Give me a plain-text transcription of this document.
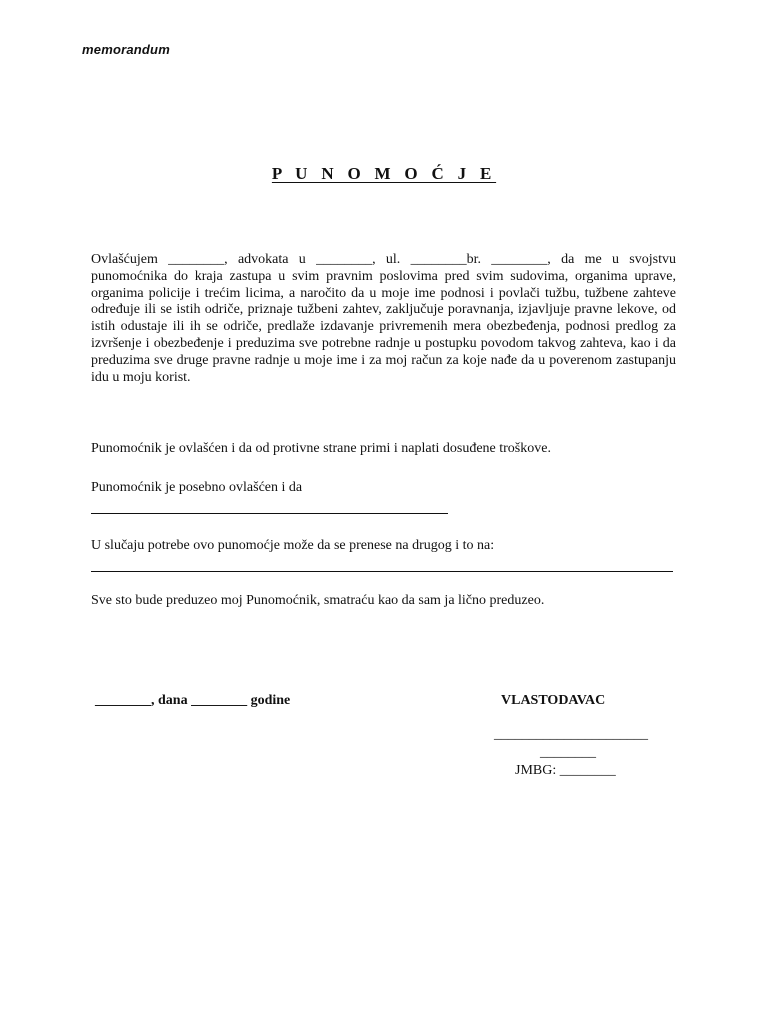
memorandum
P U N O M O Ć J E
Ovlašćujem ________, advokata u ________, ul. ________br. ________, da me u svojstvu punomoćnika do kraja zastupa u svim pravnim poslovima pred svim sudovima, organima uprave, organima policije i trećim licima, a naročito da u moje ime podnosi i povlači tužbu, tužbene zahteve određuje ili se istih odriče, priznaje tužbeni zahtev, zaključuje poravnanja, izjavljuje pravne lekove, od istih odustaje ili ih se odriče, predlaže izdavanje privremenih mera obezbeđenja, podnosi predlog za izvršenje i obezbeđenje i preduzima sve potrebne radnje u postupku povodom takvog zahteva, kao i da preduzima sve druge pravne radnje u moje ime i za moj račun za koje nađe da u poverenom zastupanju idu u moju korist.
Punomoćnik je ovlašćen i da od protivne strane primi i naplati dosuđene troškove.
Punomoćnik je posebno ovlašćen i da
U slučaju potrebe ovo punomoćje može da se prenese na drugog i to na:
Sve sto bude preduzeo moj Punomoćnik, smatraću kao da sam ja lično preduzeo.
________, dana ________ godine	VLASTODAVAC
______________________
________
JMBG: ________
